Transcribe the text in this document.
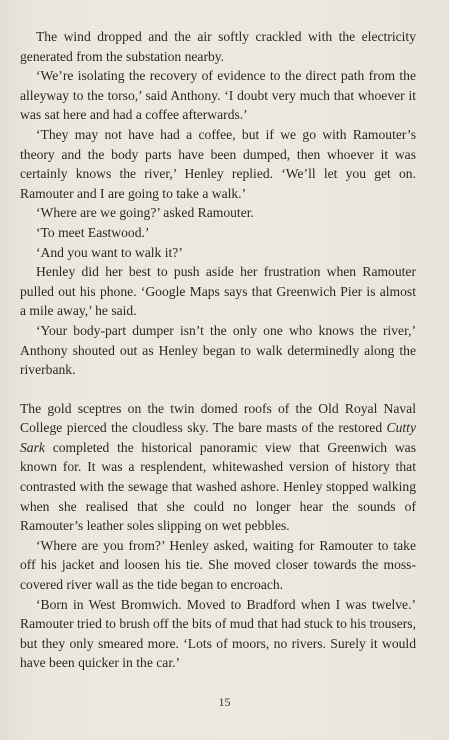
The wind dropped and the air softly crackled with the electricity generated from the substation nearby.

‘We’re isolating the recovery of evidence to the direct path from the alleyway to the torso,’ said Anthony. ‘I doubt very much that whoever it was sat here and had a coffee afterwards.’

‘They may not have had a coffee, but if we go with Ramouter’s theory and the body parts have been dumped, then whoever it was certainly knows the river,’ Henley replied. ‘We’ll let you get on. Ramouter and I are going to take a walk.’

‘Where are we going?’ asked Ramouter.

‘To meet Eastwood.’

‘And you want to walk it?’

Henley did her best to push aside her frustration when Ramouter pulled out his phone. ‘Google Maps says that Greenwich Pier is almost a mile away,’ he said.

‘Your body-part dumper isn’t the only one who knows the river,’ Anthony shouted out as Henley began to walk determinedly along the riverbank.

The gold sceptres on the twin domed roofs of the Old Royal Naval College pierced the cloudless sky. The bare masts of the restored Cutty Sark completed the historical panoramic view that Greenwich was known for. It was a resplendent, whitewashed version of history that contrasted with the sewage that washed ashore. Henley stopped walking when she realised that she could no longer hear the sounds of Ramouter’s leather soles slipping on wet pebbles.

‘Where are you from?’ Henley asked, waiting for Ramouter to take off his jacket and loosen his tie. She moved closer towards the moss-covered river wall as the tide began to encroach.

‘Born in West Bromwich. Moved to Bradford when I was twelve.’ Ramouter tried to brush off the bits of mud that had stuck to his trousers, but they only smeared more. ‘Lots of moors, no rivers. Surely it would have been quicker in the car.’

15
